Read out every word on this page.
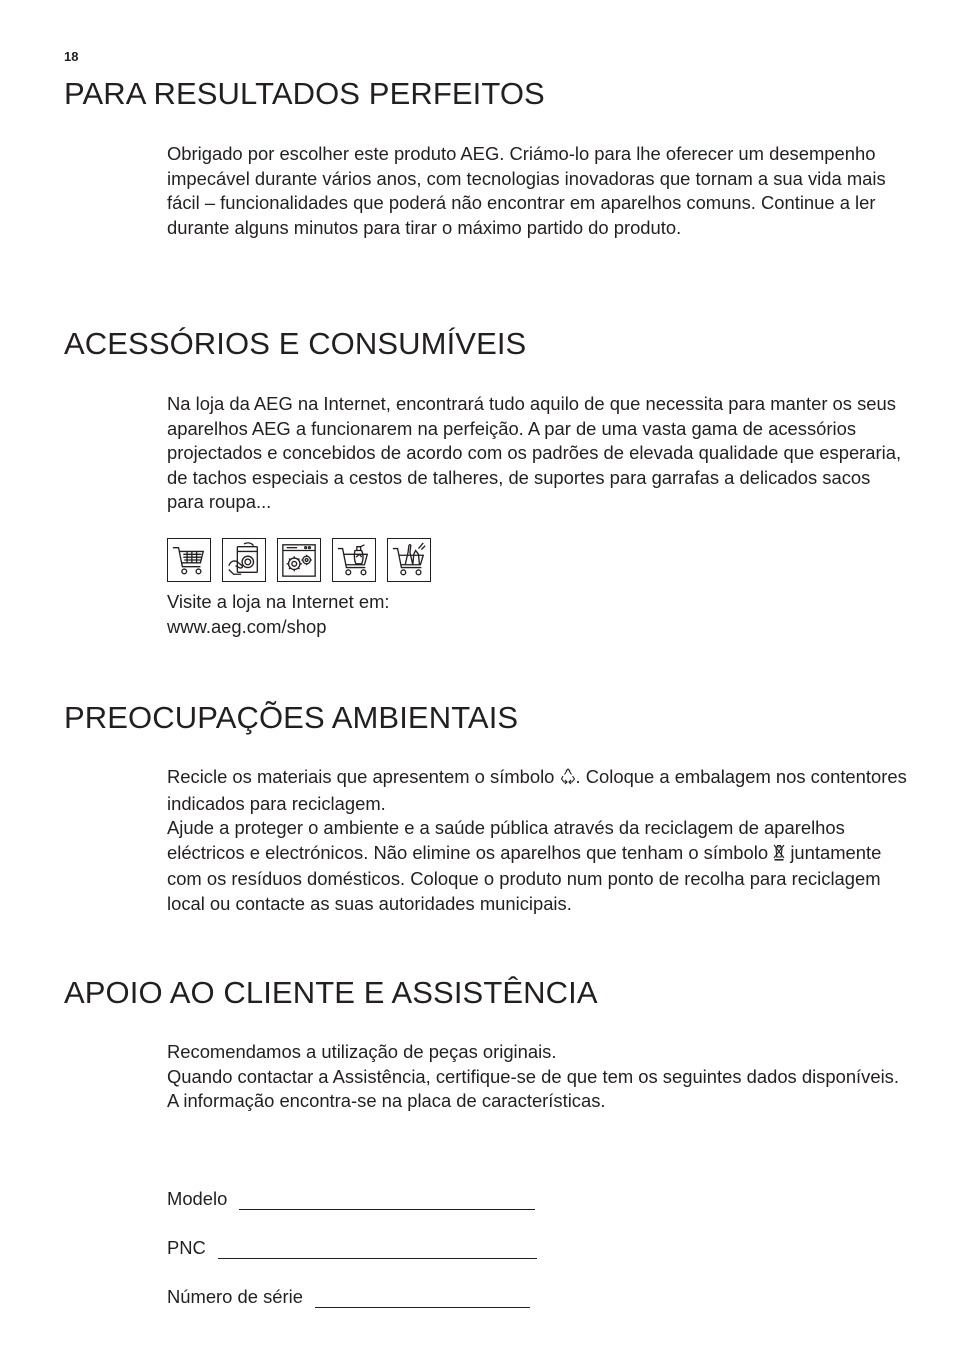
18
PARA RESULTADOS PERFEITOS

Obrigado por escolher este produto AEG. Criámo-lo para lhe oferecer um desempenho impecável durante vários anos, com tecnologias inovadoras que tornam a sua vida mais fácil – funcionalidades que poderá não encontrar em aparelhos comuns. Continue a ler durante alguns minutos para tirar o máximo partido do produto.

ACESSÓRIOS E CONSUMÍVEIS

Na loja da AEG na Internet, encontrará tudo aquilo de que necessita para manter os seus aparelhos AEG a funcionarem na perfeição. A par de uma vasta gama de acessórios projectados e concebidos de acordo com os padrões de elevada qualidade que esperaria, de tachos especiais a cestos de talheres, de suportes para garrafas a delicados sacos para roupa...

Visite a loja na Internet em:

www.aeg.com/shop

PREOCUPAÇÕES AMBIENTAIS

Recicle os materiais que apresentem o símbolo . Coloque a embalagem nos contentores indicados para reciclagem.

Ajude a proteger o ambiente e a saúde pública através da reciclagem de aparelhos eléctricos e electrónicos. Não elimine os aparelhos que tenham o símbolo  juntamente com os resíduos domésticos. Coloque o produto num ponto de recolha para reciclagem local ou contacte as suas autoridades municipais.

APOIO AO CLIENTE E ASSISTÊNCIA

Recomendamos a utilização de peças originais.

Quando contactar a Assistência, certifique-se de que tem os seguintes dados disponíveis.

A informação encontra-se na placa de características.

Modelo
PNC
Número de série
